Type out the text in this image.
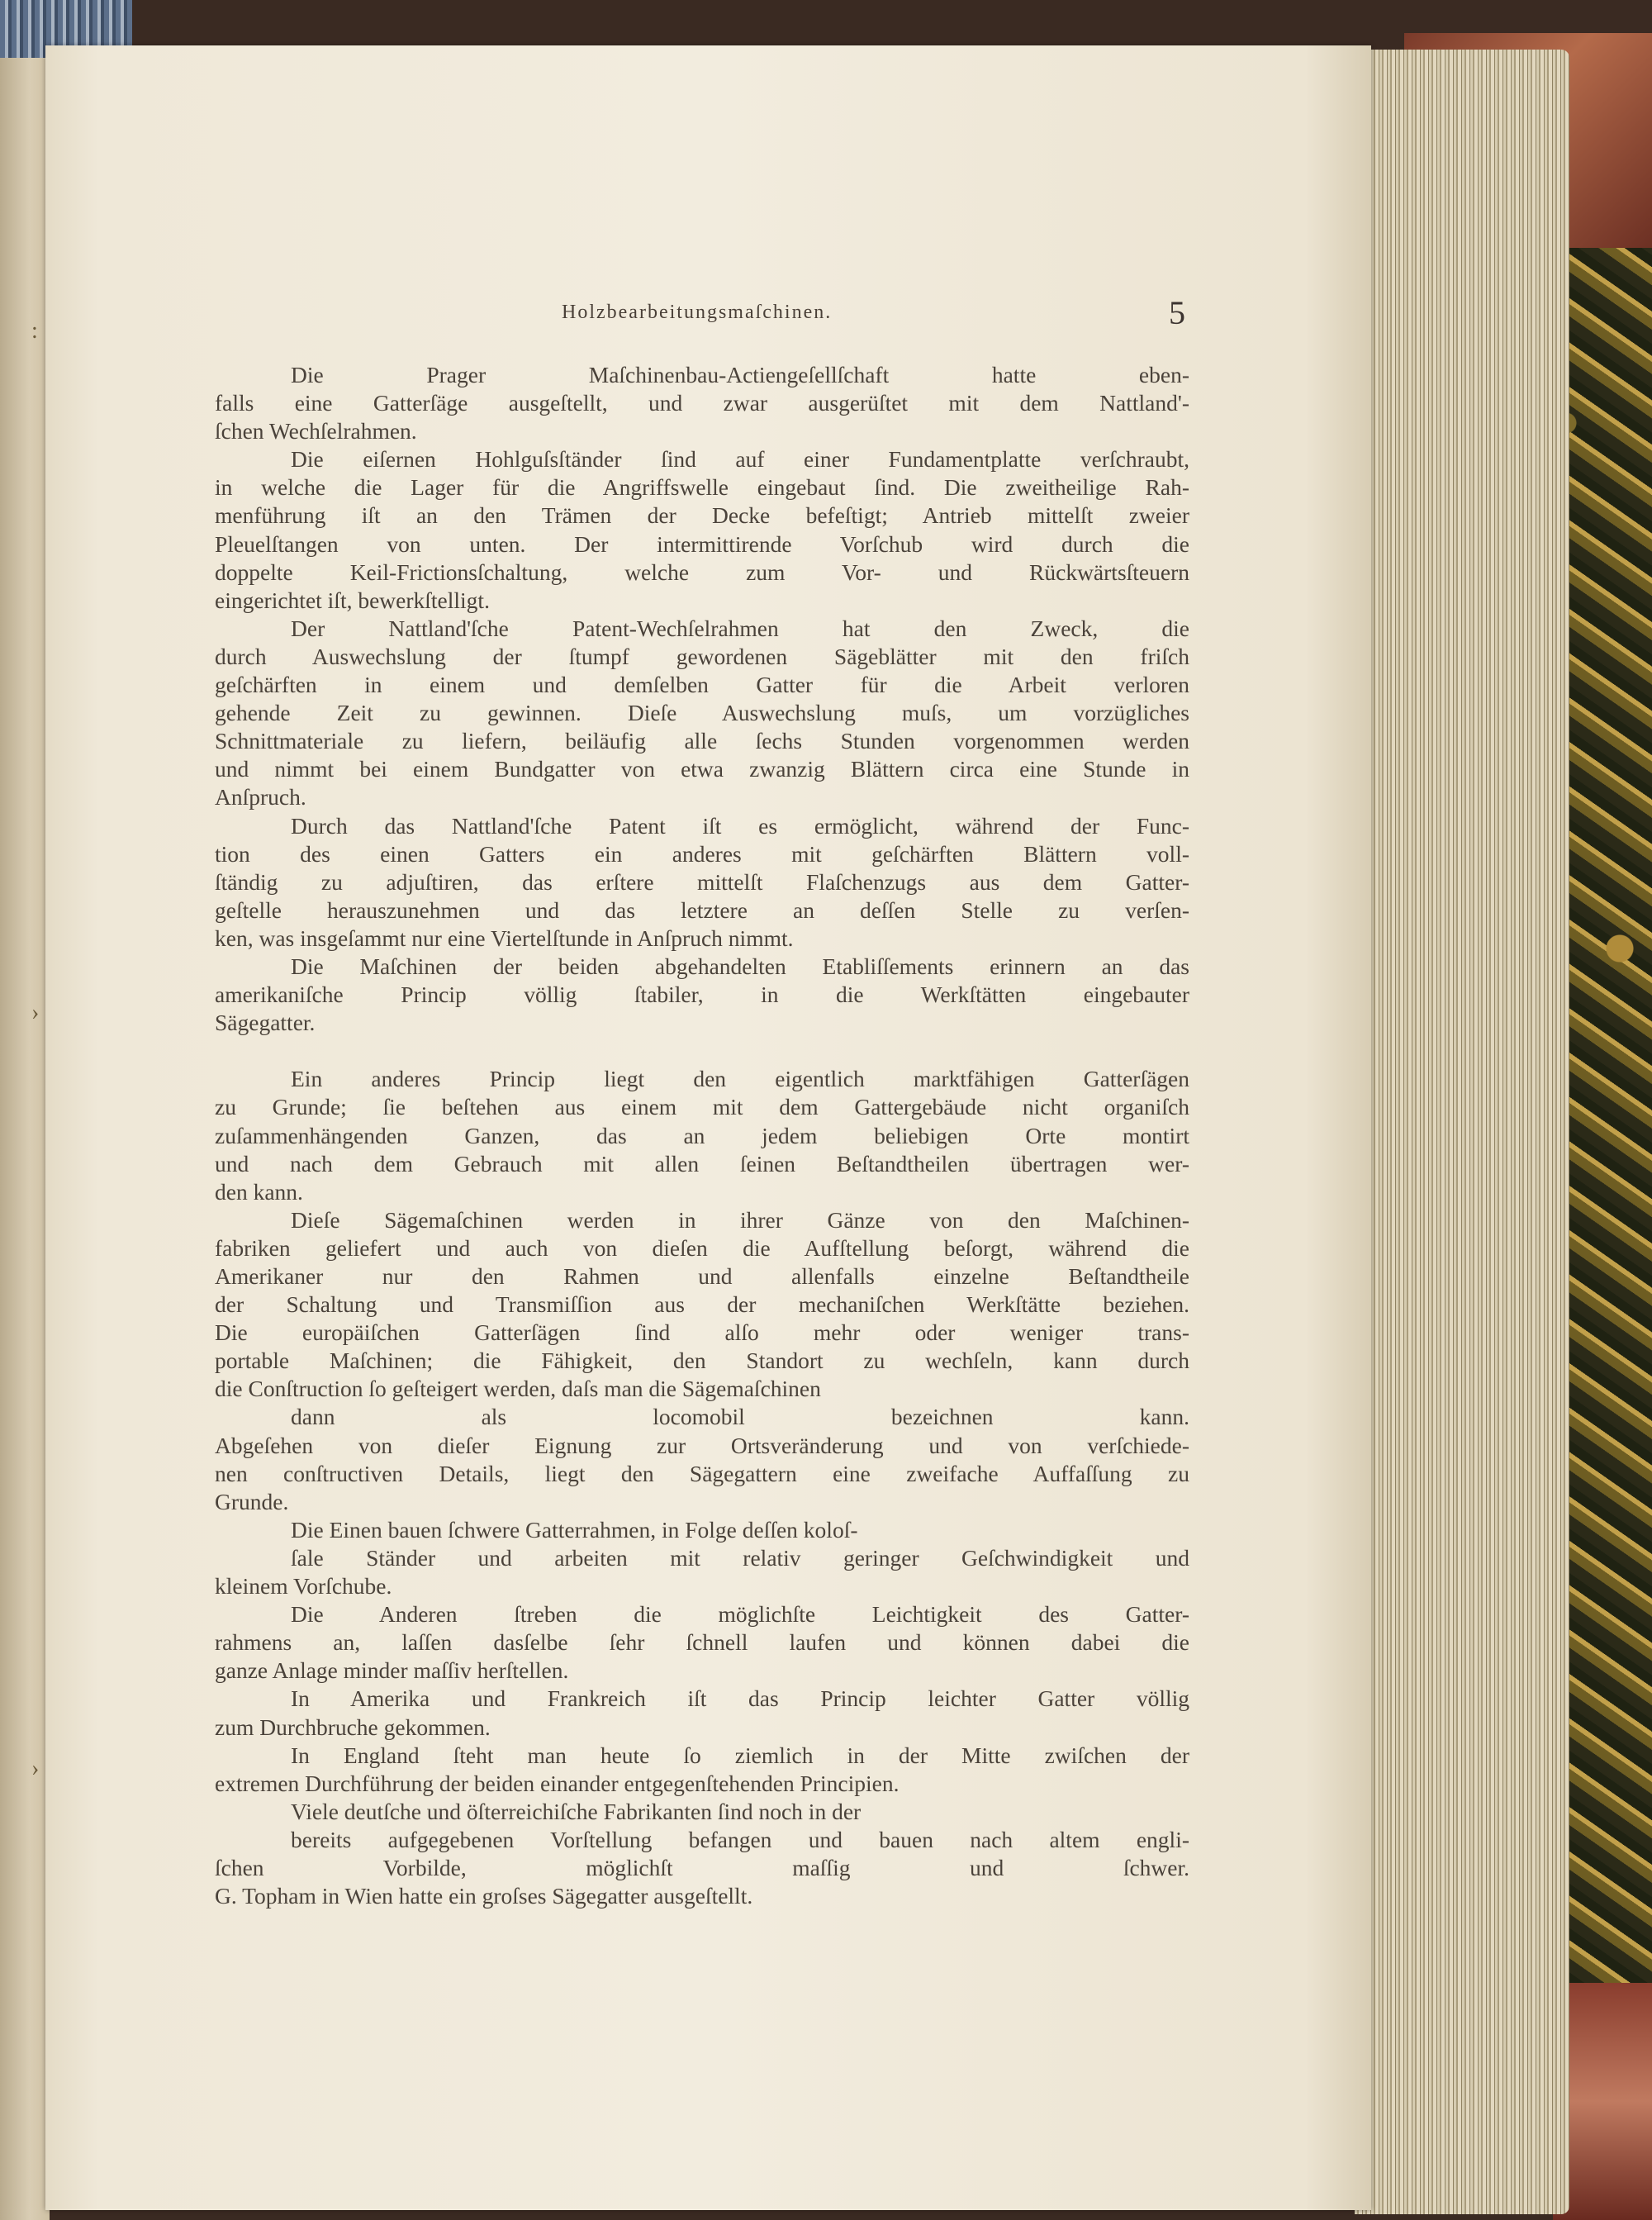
Holzbearbeitungsmaſchinen.	5
Die Prager Maſchinenbau-Actiengeſellſchaft hatte eben-
falls eine Gatterſäge ausgeſtellt, und zwar ausgerüſtet mit dem Nattland'-
ſchen Wechſelrahmen.
Die eiſernen Hohlguſsſtänder ſind auf einer Fundamentplatte verſchraubt,
in welche die Lager für die Angriffswelle eingebaut ſind. Die zweitheilige Rah-
menführung iſt an den Trämen der Decke befeſtigt; Antrieb mittelſt zweier
Pleuelſtangen von unten. Der intermittirende Vorſchub wird durch die
doppelte Keil-Frictionsſchaltung, welche zum Vor- und Rückwärtsſteuern
eingerichtet iſt, bewerkſtelligt.
Der Nattland'ſche Patent-Wechſelrahmen hat den Zweck, die
durch Auswechslung der ſtumpf gewordenen Sägeblätter mit den friſch
geſchärften in einem und demſelben Gatter für die Arbeit verloren
gehende Zeit zu gewinnen. Dieſe Auswechslung muſs, um vorzügliches
Schnittmateriale zu liefern, beiläufig alle ſechs Stunden vorgenommen werden
und nimmt bei einem Bundgatter von etwa zwanzig Blättern circa eine Stunde in
Anſpruch.
Durch das Nattland'ſche Patent iſt es ermöglicht, während der Func-
tion des einen Gatters ein anderes mit geſchärften Blättern voll-
ſtändig zu adjuſtiren, das erſtere mittelſt Flaſchenzugs aus dem Gatter-
geſtelle herauszunehmen und das letztere an deſſen Stelle zu verſen-
ken, was insgeſammt nur eine Viertelſtunde in Anſpruch nimmt.
Die Maſchinen der beiden abgehandelten Etabliſſements erinnern an das
amerikaniſche Princip völlig ſtabiler, in die Werkſtätten eingebauter
Sägegatter.
Ein anderes Princip liegt den eigentlich marktfähigen Gatterſägen
zu Grunde; ſie beſtehen aus einem mit dem Gattergebäude nicht organiſch
zuſammenhängenden Ganzen, das an jedem beliebigen Orte montirt
und nach dem Gebrauch mit allen ſeinen Beſtandtheilen übertragen wer-
den kann.
Dieſe Sägemaſchinen werden in ihrer Gänze von den Maſchinen-
fabriken geliefert und auch von dieſen die Aufſtellung beſorgt, während die
Amerikaner nur den Rahmen und allenfalls einzelne Beſtandtheile
der Schaltung und Transmiſſion aus der mechaniſchen Werkſtätte beziehen.
Die europäiſchen Gatterſägen ſind alſo mehr oder weniger trans-
portable Maſchinen; die Fähigkeit, den Standort zu wechſeln, kann durch
die Conſtruction ſo geſteigert werden, daſs man die Sägemaſchinen
dann als locomobil bezeichnen kann.
Abgeſehen von dieſer Eignung zur Ortsveränderung und von verſchiede-
nen conſtructiven Details, liegt den Sägegattern eine zweifache Auffaſſung zu
Grunde.
Die Einen bauen ſchwere Gatterrahmen, in Folge deſſen koloſ-
ſale Ständer und arbeiten mit relativ geringer Geſchwindigkeit und
kleinem Vorſchube.
Die Anderen ſtreben die möglichſte Leichtigkeit des Gatter-
rahmens an, laſſen dasſelbe ſehr ſchnell laufen und können dabei die
ganze Anlage minder maſſiv herſtellen.
In Amerika und Frankreich iſt das Princip leichter Gatter völlig
zum Durchbruche gekommen.
In England ſteht man heute ſo ziemlich in der Mitte zwiſchen der
extremen Durchführung der beiden einander entgegenſtehenden Principien.
Viele deutſche und öſterreichiſche Fabrikanten ſind noch in der
bereits aufgegebenen Vorſtellung befangen und bauen nach altem engli-
ſchen Vorbilde, möglichſt maſſig und ſchwer.
G. Topham in Wien hatte ein groſses Sägegatter ausgeſtellt.
:
›
›
